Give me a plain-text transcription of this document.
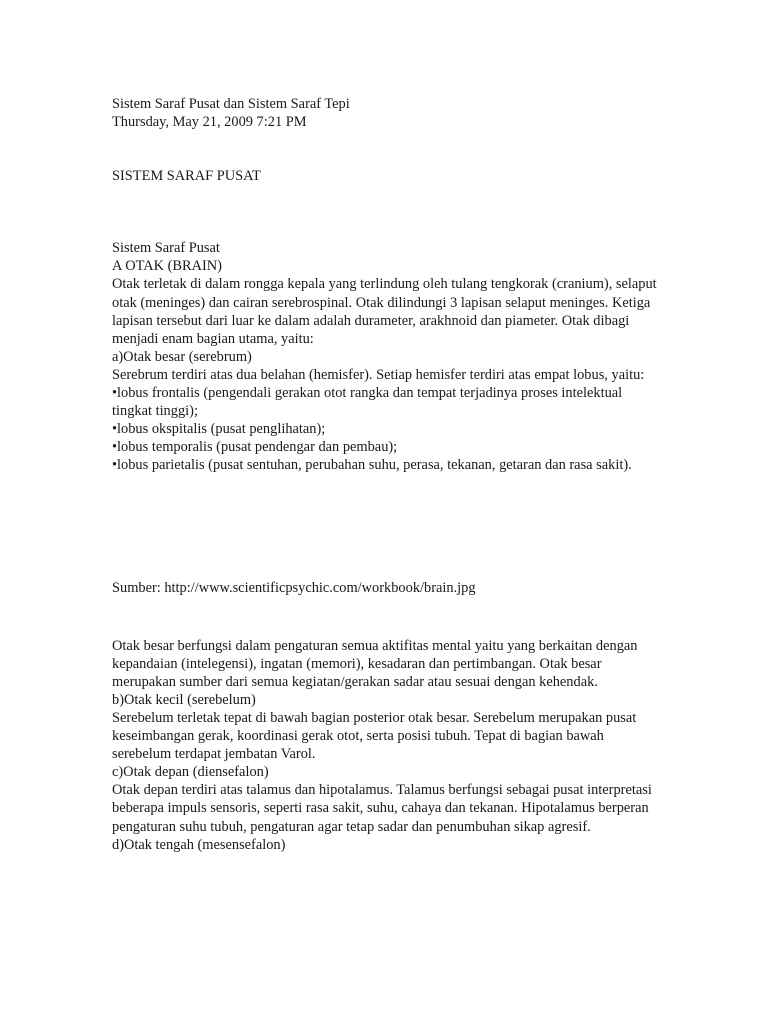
Sistem Saraf Pusat dan Sistem Saraf Tepi

Thursday, May 21, 2009 7:21 PM

SISTEM SARAF PUSAT

Sistem Saraf Pusat

A OTAK (BRAIN)

Otak terletak di dalam rongga kepala yang terlindung oleh tulang tengkorak (cranium), selaput otak (meninges) dan cairan serebrospinal. Otak dilindungi 3 lapisan selaput meninges. Ketiga lapisan tersebut dari luar ke dalam adalah durameter, arakhnoid dan piameter. Otak dibagi menjadi enam bagian utama, yaitu:

a)Otak besar (serebrum)

Serebrum terdiri atas dua belahan (hemisfer). Setiap hemisfer terdiri atas empat lobus, yaitu:

•lobus frontalis (pengendali gerakan otot rangka dan tempat terjadinya proses intelektual tingkat tinggi);

•lobus okspitalis (pusat penglihatan);

•lobus temporalis (pusat pendengar dan pembau);

•lobus parietalis (pusat sentuhan, perubahan suhu, perasa, tekanan, getaran dan rasa sakit).

Sumber: http://www.scientificpsychic.com/workbook/brain.jpg

Otak besar berfungsi dalam pengaturan semua aktifitas mental yaitu yang berkaitan dengan kepandaian (intelegensi), ingatan (memori), kesadaran dan pertimbangan. Otak besar merupakan sumber dari semua kegiatan/gerakan sadar atau sesuai dengan kehendak.

b)Otak kecil (serebelum)

Serebelum terletak tepat di bawah bagian posterior otak besar. Serebelum merupakan pusat keseimbangan gerak, koordinasi gerak otot, serta posisi tubuh. Tepat di bagian bawah serebelum terdapat jembatan Varol.

c)Otak depan (diensefalon)

Otak depan terdiri atas talamus dan hipotalamus. Talamus berfungsi sebagai pusat interpretasi beberapa impuls sensoris, seperti rasa sakit, suhu, cahaya dan tekanan. Hipotalamus berperan pengaturan suhu tubuh, pengaturan agar tetap sadar dan penumbuhan sikap agresif.

d)Otak tengah (mesensefalon)
